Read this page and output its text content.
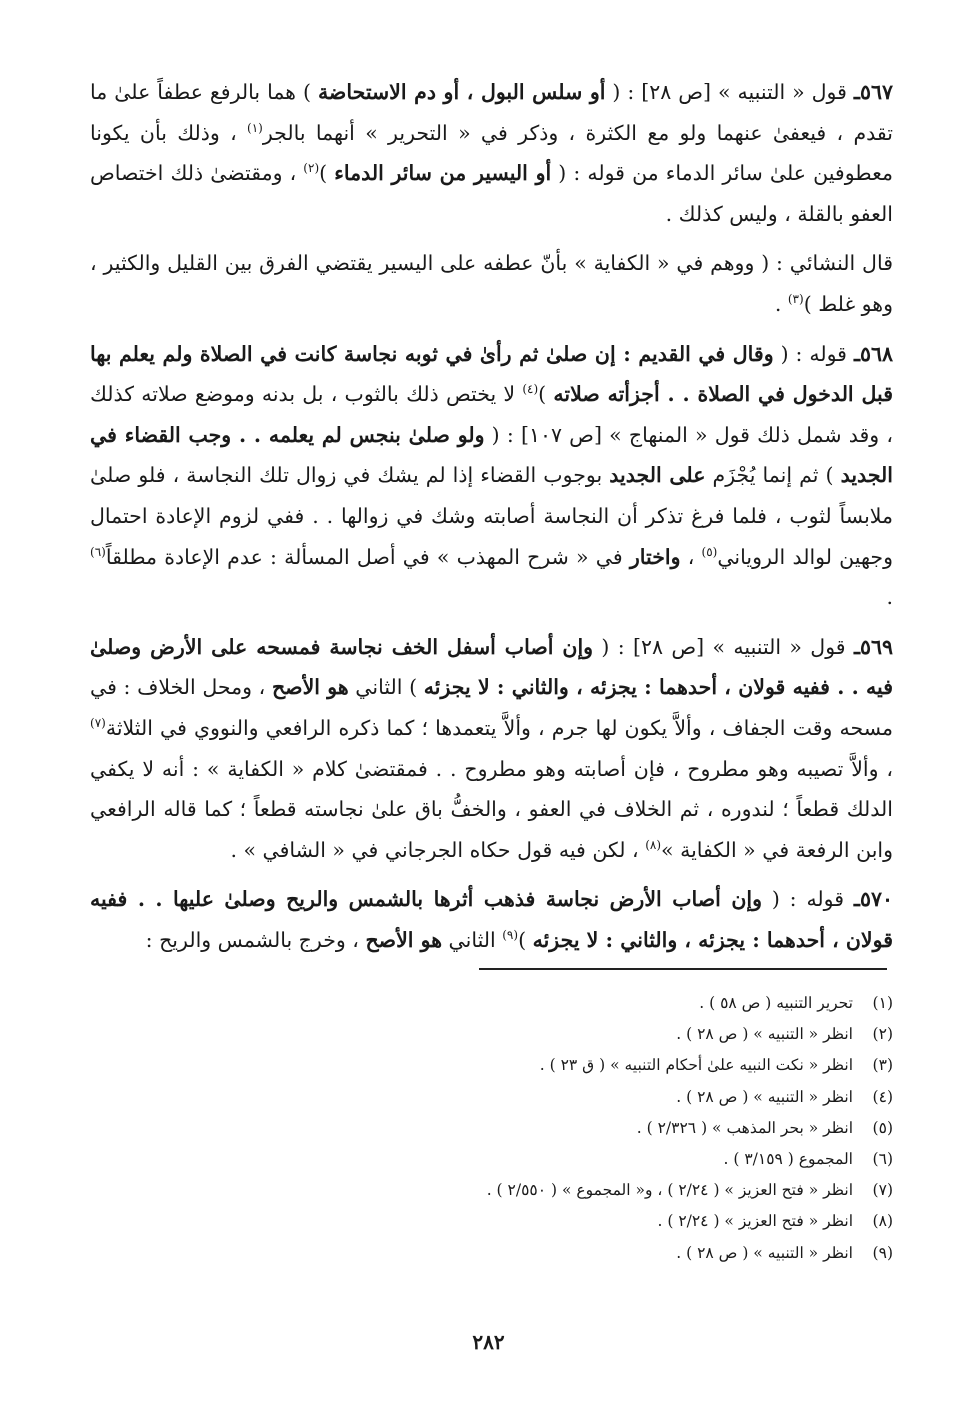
٥٦٧ـ قول « التنبيه » [ص ٢٨] : ( أو سلس البول ، أو دم الاستحاضة ) هما بالرفع عطفاً علىٰ ما تقدم ، فيعفىٰ عنهما ولو مع الكثرة ، وذكر في « التحرير » أنهما بالجر$^{(١)}$ ، وذلك بأن يكونا معطوفين علىٰ سائر الدماء من قوله : ( أو اليسير من سائر الدماء )$^{(٢)}$ ، ومقتضىٰ ذلك اختصاص العفو بالقلة ، وليس كذلك .

قال النشائي : ( ووهم في « الكفاية » بأنّ عطفه على اليسير يقتضي الفرق بين القليل والكثير ، وهو غلط )$^{(٣)}$ .

٥٦٨ـ قوله : ( وقال في القديم : إن صلىٰ ثم رأىٰ في ثوبه نجاسة كانت في الصلاة ولم يعلم بها قبل الدخول في الصلاة . . أجزأته صلاته )$^{(٤)}$ لا يختص ذلك بالثوب ، بل بدنه وموضع صلاته كذلك ، وقد شمل ذلك قول « المنهاج » [ص ١٠٧] : ( ولو صلىٰ بنجس لم يعلمه . . وجب القضاء في الجديد ) ثم إنما يُجْزَم على الجديد بوجوب القضاء إذا لم يشك في زوال تلك النجاسة ، فلو صلىٰ ملابساً لثوب ، فلما فرغ تذكر أن النجاسة أصابته وشك في زوالها . . ففي لزوم الإعادة احتمال وجهين لوالد الروياني$^{(٥)}$ ، واختار في « شرح المهذب » في أصل المسألة : عدم الإعادة مطلقاً$^{(٦)}$ .

٥٦٩ـ قول « التنبيه » [ص ٢٨] : ( وإن أصاب أسفل الخف نجاسة فمسحه على الأرض وصلىٰ فيه . . ففيه قولان ، أحدهما : يجزئه ، والثاني : لا يجزئه ) الثاني هو الأصح ، ومحل الخلاف : في مسحه وقت الجفاف ، وألاَّ يكون لها جرم ، وألاَّ يتعمدها ؛ كما ذكره الرافعي والنووي في الثلاثة$^{(٧)}$ ، وألاَّ تصيبه وهو مطروح ، فإن أصابته وهو مطروح . . فمقتضىٰ كلام « الكفاية » : أنه لا يكفي الدلك قطعاً ؛ لندوره ، ثم الخلاف في العفو ، والخفُّ باق علىٰ نجاسته قطعاً ؛ كما قاله الرافعي وابن الرفعة في « الكفاية »$^{(٨)}$ ، لكن فيه قول حكاه الجرجاني في « الشافي » .

٥٧٠ـ قوله : ( وإن أصاب الأرض نجاسة فذهب أثرها بالشمس والريح وصلىٰ عليها . . ففيه قولان ، أحدهما : يجزئه ، والثاني : لا يجزئه )$^{(٩)}$ الثاني هو الأصح ، وخرج بالشمس والريح :

(١)تحرير التنبيه ( ص ٥٨ ) .
(٢)انظر « التنبيه » ( ص ٢٨ ) .
(٣)انظر « نكت النبيه علىٰ أحكام التنبيه » ( ق ٢٣ ) .
(٤)انظر « التنبيه » ( ص ٢٨ ) .
(٥)انظر « بحر المذهب » ( ٢/٣٢٦ ) .
(٦)المجموع ( ٣/١٥٩ ) .
(٧)انظر « فتح العزيز » ( ٢/٢٤ ) ، و« المجموع » ( ٢/٥٥٠ ) .
(٨)انظر « فتح العزيز » ( ٢/٢٤ ) .
(٩)انظر « التنبيه » ( ص ٢٨ ) .
٢٨٢
